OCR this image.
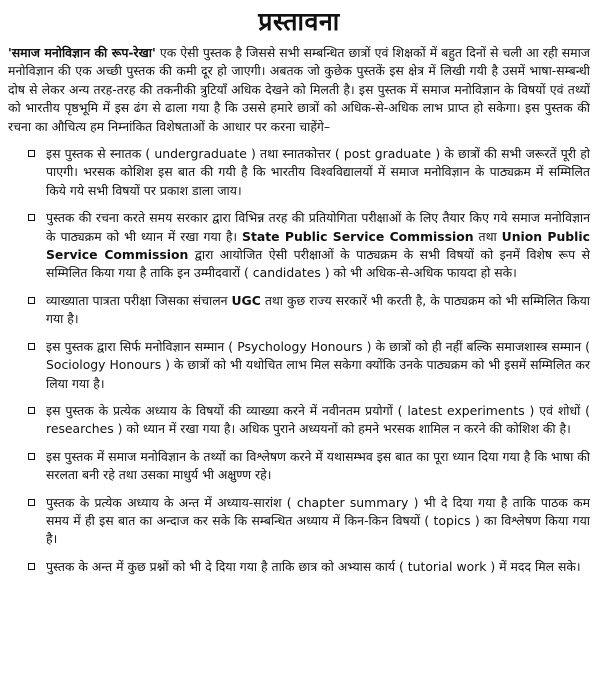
प्रस्तावना

'समाज मनोविज्ञान की रूप-रेखा' एक ऐसी पुस्तक है जिससे सभी सम्बन्धित छात्रों एवं शिक्षकों में बहुत दिनों से चली आ रही समाज मनोविज्ञान की एक अच्छी पुस्तक की कमी दूर हो जाएगी। अबतक जो कुछेक पुस्तकें इस क्षेत्र में लिखी गयी है उसमें भाषा-सम्बन्धी दोष से लेकर अन्य तरह-तरह की तकनीकी त्रुटियाँ अधिक देखने को मिलती है। इस पुस्तक में समाज मनोविज्ञान के विषयों एवं तथ्यों को भारतीय पृष्ठभूमि में इस ढंग से ढाला गया है कि उससे हमारे छात्रों को अधिक-से-अधिक लाभ प्राप्त हो सकेगा। इस पुस्तक की रचना का औचित्य हम निम्नांकित विशेषताओं के आधार पर करना चाहेंगे–

इस पुस्तक से स्नातक ( undergraduate ) तथा स्नातकोत्तर ( post graduate ) के छात्रों की सभी जरूरतें पूरी हो पाएगी। भरसक कोशिश इस बात की गयी है कि भारतीय विश्वविद्यालयों में समाज मनोविज्ञान के पाठ्यक्रम में सम्मिलित किये गये सभी विषयों पर प्रकाश डाला जाय।
पुस्तक की रचना करते समय सरकार द्वारा विभिन्न तरह की प्रतियोगिता परीक्षाओं के लिए तैयार किए गये समाज मनोविज्ञान के पाठ्यक्रम को भी ध्यान में रखा गया है। State Public Service Commission तथा Union Public Service Commission द्वारा आयोजित ऐसी परीक्षाओं के पाठ्यक्रम के सभी विषयों को इनमें विशेष रूप से सम्मिलित किया गया है ताकि इन उम्मीदवारों ( candidates ) को भी अधिक-से-अधिक फायदा हो सके।
व्याख्याता पात्रता परीक्षा जिसका संचालन UGC तथा कुछ राज्य सरकारें भी करती है, के पाठ्यक्रम को भी सम्मिलित किया गया है।
इस पुस्तक द्वारा सिर्फ मनोविज्ञान सम्मान ( Psychology Honours ) के छात्रों को ही नहीं बल्कि समाजशास्त्र सम्मान ( Sociology Honours ) के छात्रों को भी यथोचित लाभ मिल सकेगा क्योंकि उनके पाठ्यक्रम को भी इसमें सम्मिलित कर लिया गया है।
इस पुस्तक के प्रत्येक अध्याय के विषयों की व्याख्या करने में नवीनतम प्रयोगों ( latest experiments ) एवं शोधों ( researches ) को ध्यान में रखा गया है। अधिक पुराने अध्ययनों को हमने भरसक शामिल न करने की कोशिश की है।
इस पुस्तक में समाज मनोविज्ञान के तथ्यों का विश्लेषण करने में यथासम्भव इस बात का पूरा ध्यान दिया गया है कि भाषा की सरलता बनी रहे तथा उसका माधुर्य भी अक्षुण्ण रहे।
पुस्तक के प्रत्येक अध्याय के अन्त में अध्याय-सारांश ( chapter summary ) भी दे दिया गया है ताकि पाठक कम समय में ही इस बात का अन्दाज कर सके कि सम्बन्धित अध्याय में किन-किन विषयों ( topics ) का विश्लेषण किया गया है।
पुस्तक के अन्त में कुछ प्रश्नों को भी दे दिया गया है ताकि छात्र को अभ्यास कार्य ( tutorial work ) में मदद मिल सके।
